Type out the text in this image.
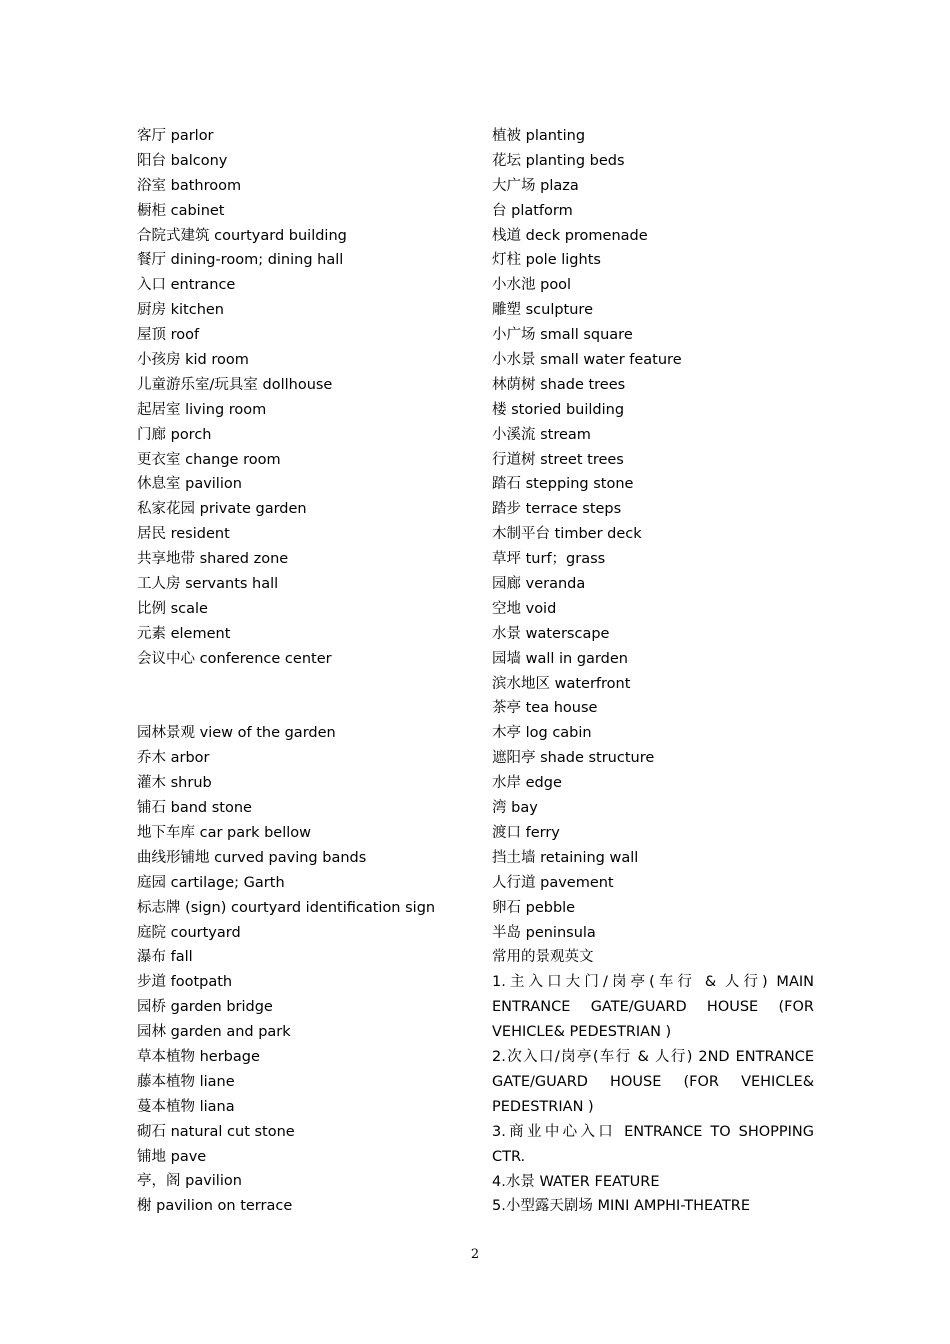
客厅 parlor

阳台 balcony

浴室 bathroom

橱柜 cabinet

合院式建筑 courtyard building

餐厅 dining-room; dining hall

入口 entrance

厨房 kitchen

屋顶 roof

小孩房 kid room

儿童游乐室/玩具室 dollhouse

起居室 living room

门廊 porch

更衣室 change room

休息室 pavilion

私家花园 private garden

居民 resident

共享地带 shared zone

工人房 servants hall

比例 scale

元素 element

会议中心 conference center

园林景观 view of the garden

乔木 arbor

灌木 shrub

铺石 band stone

地下车库 car park bellow

曲线形铺地 curved paving bands

庭园 cartilage; Garth

标志牌 (sign) courtyard identification sign

庭院 courtyard

瀑布 fall

步道 footpath

园桥 garden bridge

园林 garden and park

草本植物 herbage

藤本植物 liane

蔓本植物 liana

砌石 natural cut stone

铺地 pave

亭，阁 pavilion

榭 pavilion on terrace

植被 planting

花坛 planting beds

大广场 plaza

台 platform

栈道 deck promenade

灯柱 pole lights

小水池 pool

雕塑 sculpture

小广场 small square

小水景 small water feature

林荫树 shade trees

楼 storied building

小溪流 stream

行道树 street trees

踏石 stepping stone

踏步 terrace steps

木制平台 timber deck

草坪 turf；grass

园廊 veranda

空地 void

水景 waterscape

园墙 wall in garden

滨水地区 waterfront

茶亭 tea house

木亭 log cabin

遮阳亭 shade structure

水岸 edge

湾 bay

渡口 ferry

挡土墙 retaining wall

人行道 pavement

卵石 pebble

半岛 peninsula

常用的景观英文

1.主入口大门/岗亭(车行 & 人行) MAIN ENTRANCE GATE/GUARD HOUSE (FOR VEHICLE& PEDESTRIAN )

2.次入口/岗亭(车行 & 人行) 2ND ENTRANCE GATE/GUARD HOUSE (FOR VEHICLE& PEDESTRIAN )

3.商业中心入口 ENTRANCE TO SHOPPING CTR.

4.水景 WATER FEATURE

5.小型露天剧场 MINI AMPHI-THEATRE

2
